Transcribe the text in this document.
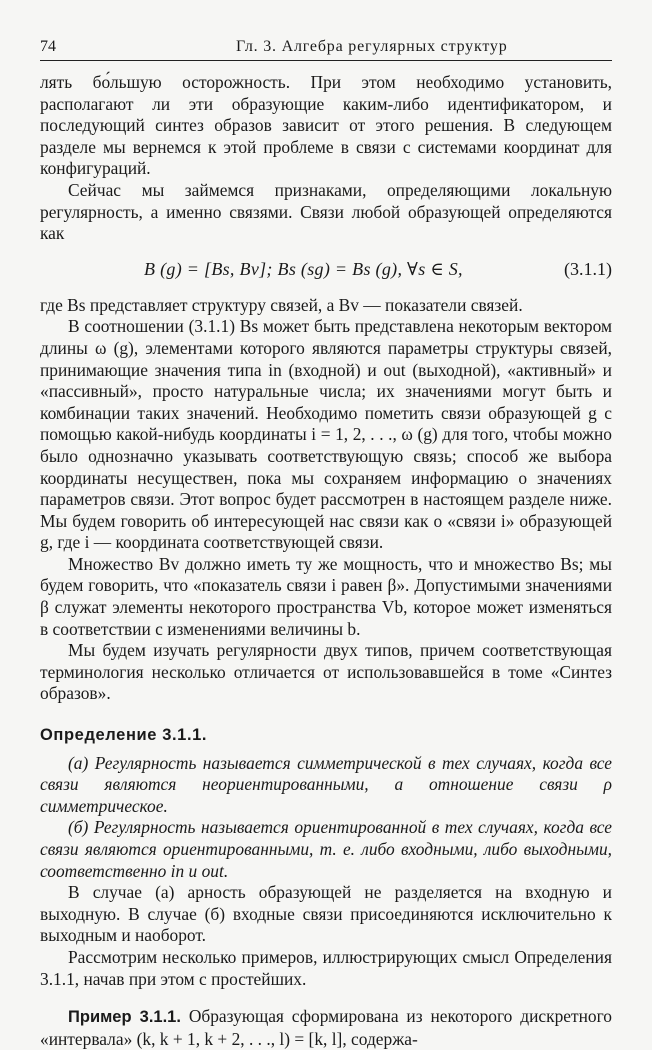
74	Гл. 3. Алгебра регулярных структур

лять бо́льшую осторожность. При этом необходимо установить, располагают ли эти образующие каким-либо идентификатором, и последующий синтез образов зависит от этого решения. В следующем разделе мы вернемся к этой проблеме в связи с системами координат для конфигураций.

Сейчас мы займемся признаками, определяющими локальную регулярность, а именно связями. Связи любой образующей определяются как

B (g) = [Bs, Bv]; Bs (sg) = Bs (g), ∀s ∈ S,	(3.1.1)

где Bs представляет структуру связей, а Bv — показатели связей.

В соотношении (3.1.1) Bs может быть представлена некоторым вектором длины ω (g), элементами которого являются параметры структуры связей, принимающие значения типа in (входной) и out (выходной), «активный» и «пассивный», просто натуральные числа; их значениями могут быть и комбинации таких значений. Необходимо пометить связи образующей g с помощью какой-нибудь координаты i = 1, 2, . . ., ω (g) для того, чтобы можно было однозначно указывать соответствующую связь; способ же выбора координаты несуществен, пока мы сохраняем информацию о значениях параметров связи. Этот вопрос будет рассмотрен в настоящем разделе ниже. Мы будем говорить об интересующей нас связи как о «связи i» образующей g, где i — координата соответствующей связи.

Множество Bv должно иметь ту же мощность, что и множество Bs; мы будем говорить, что «показатель связи i равен β». Допустимыми значениями β служат элементы некоторого пространства Vb, которое может изменяться в соответствии с изменениями величины b.

Мы будем изучать регулярности двух типов, причем соответствующая терминология несколько отличается от использовавшейся в томе «Синтез образов».

Определение 3.1.1.

(а) Регулярность называется симметрической в тех случаях, когда все связи являются неориентированными, а отношение связи ρ симметрическое.

(б) Регулярность называется ориентированной в тех случаях, когда все связи являются ориентированными, т. е. либо входными, либо выходными, соответственно in и out.

В случае (а) арность образующей не разделяется на входную и выходную. В случае (б) входные связи присоединяются исключительно к выходным и наоборот.

Рассмотрим несколько примеров, иллюстрирующих смысл Определения 3.1.1, начав при этом с простейших.

Пример 3.1.1. Образующая сформирована из некоторого дискретного «интервала» (k, k + 1, k + 2, . . ., l) = [k, l], содержа-
